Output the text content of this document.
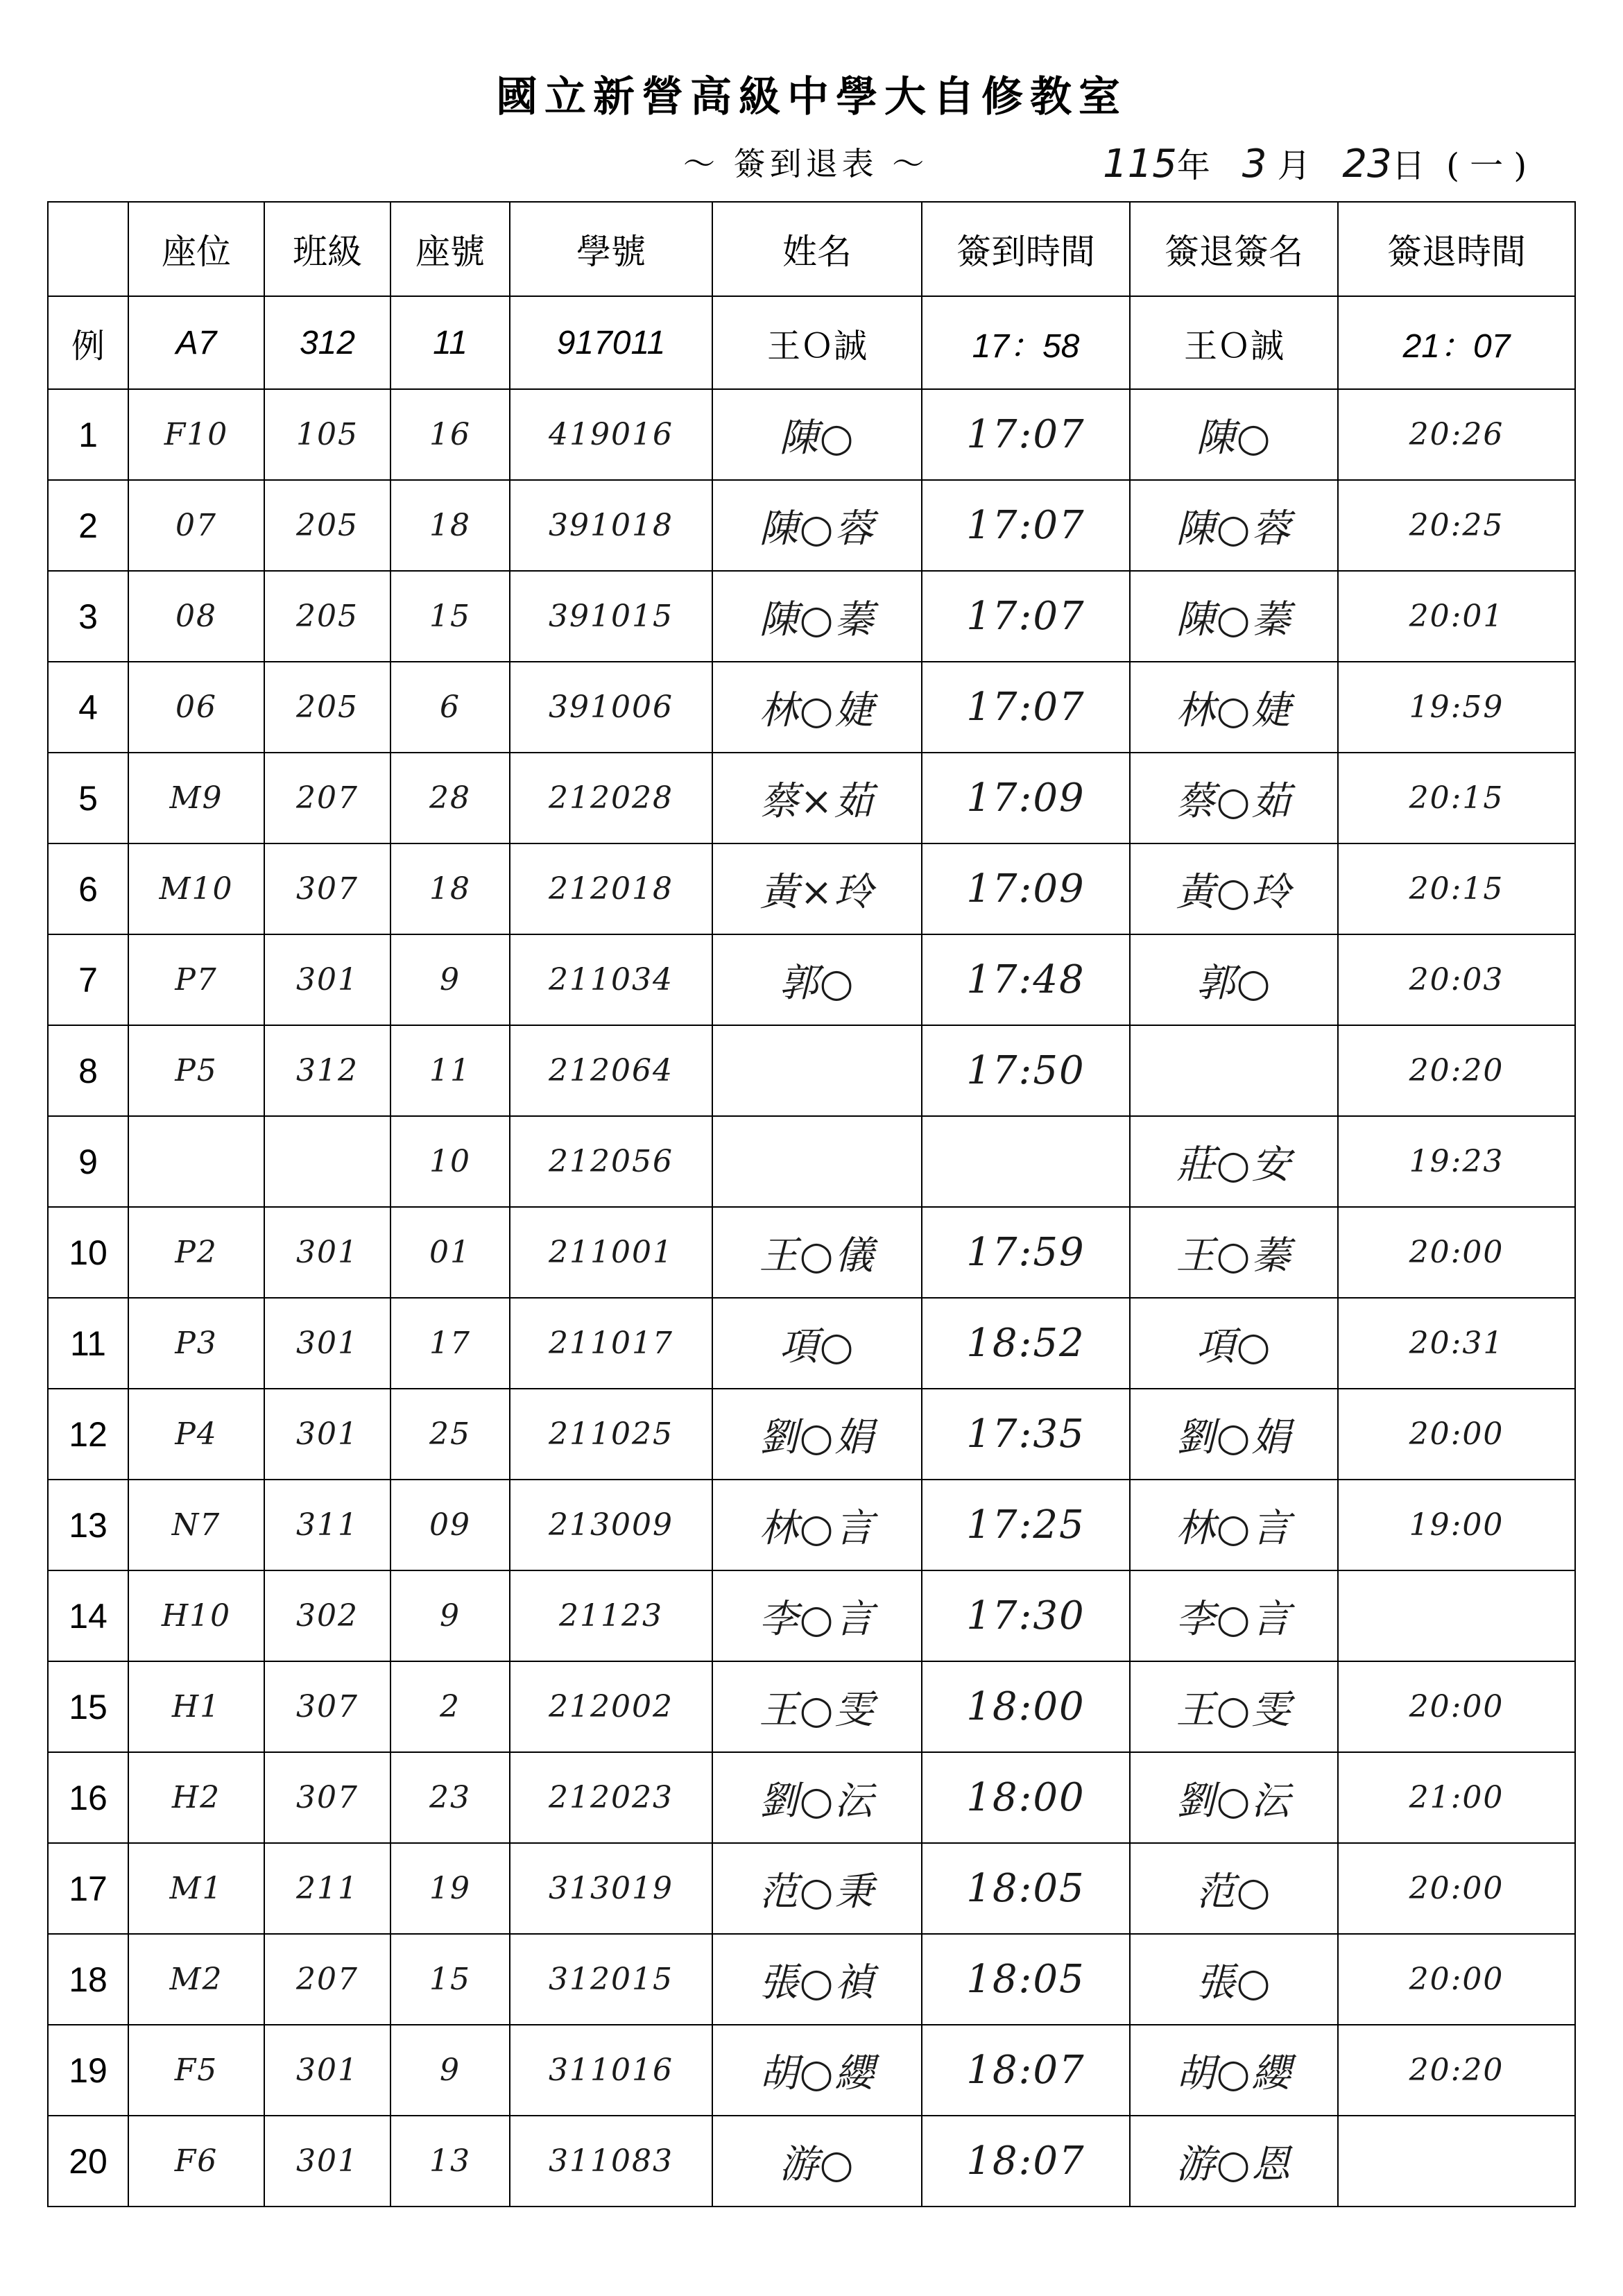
國立新營高級中學大自修教室
～ 簽到退表 ～	115年 3 月 23日 ( 一 )
	座位	班級	座號	學號	姓名	簽到時間	簽退簽名	簽退時間
例	A7	312	11	917011	王Ｏ誠	17：58	王Ｏ誠	21：07
1	F10	105	16	419016	陳○	17:07	陳○	20:26
2	07	205	18	391018	陳○蓉	17:07	陳○蓉	20:25
3	08	205	15	391015	陳○蓁	17:07	陳○蓁	20:01
4	06	205	6	391006	林○婕	17:07	林○婕	19:59
5	M9	207	28	212028	蔡×茹	17:09	蔡○茹	20:15
6	M10	307	18	212018	黃×玲	17:09	黃○玲	20:15
7	P7	301	9	211034	郭○	17:48	郭○	20:03
8	P5	312	11	212064		17:50		20:20
9			10	212056			莊○安	19:23
10	P2	301	01	211001	王○儀	17:59	王○蓁	20:00
11	P3	301	17	211017	項○	18:52	項○	20:31
12	P4	301	25	211025	劉○娟	17:35	劉○娟	20:00
13	N7	311	09	213009	林○言	17:25	林○言	19:00
14	H10	302	9	21123	李○言	17:30	李○言	
15	H1	307	2	212002	王○雯	18:00	王○雯	20:00
16	H2	307	23	212023	劉○沄	18:00	劉○沄	21:00
17	M1	211	19	313019	范○秉	18:05	范○	20:00
18	M2	207	15	312015	張○禎	18:05	張○	20:00
19	F5	301	9	311016	胡○纓	18:07	胡○纓	20:20
20	F6	301	13	311083	游○	18:07	游○恩	
